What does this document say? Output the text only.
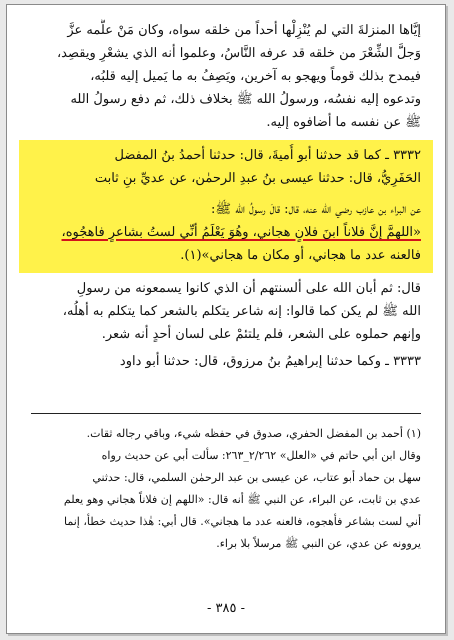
إيَّاها المنزلةَ التي لم يُنْزِلْها أحداً من خلقه سواه، وكان مَنْ علَّمه عزَّ
وَجلَّ الشِّعْرَ من خلقه قد عرفه النَّاسُ، وعلموا أنه الذي يشعْرِ ويقصِد،
فيمدح بذلك قوماً ويهجو به آخرين، ويَصِفُ به ما يَميل إليه قلبُه،
وتدعوه إليه نفسُه، ورسولُ الله ﷺ بخلاف ذلك، ثم دفع رسولُ الله
ﷺ عن نفسه ما أضافوه إليه.

٣٣٣٢ ـ كما قد حدثنا أبو أُميةَ، قال: حدثنا أحمدُ بنُ المفضل
الحَفَرِيُّ، قال: حدثنا عيسى بنُ عبدِ الرحمٰن، عن عديِّ بنِ ثابت

عن البراء بن عازب رضي الله عنه، قال: قالَ رسولُ الله ﷺ:
«اللهمَّ إنَّ فلاناً ابنَ فلانٍ هجاني، وهُوَ يَعْلَمُ أنِّي لستُ بشاعرٍ فاهجُوه،
فالعنه عدد ما هجاني، أو مكان ما هجاني»(١).

قال: ثم أبان الله على ألسنتهم أن الذي كانوا يسمعونه من رسولِ
الله ﷺ لم يكن كما قالوا: إنه شاعر يتكلم بالشعر كما يتكلم به أهلُه،
وإنهم حملوه على الشعر، فلم يلتئمْ على لسان أحدٍ أنه شعر.

٣٣٣٣ ـ وكما حدثنا إبراهيمُ بنُ مرزوق، قال: حدثنا أبو داود

(١) أحمد بن المفضل الحفري، صدوق في حفظه شيء، وباقي رجاله ثقات.
وقال ابن أبي حاتم في «العلل» ٢/٢٦٢_٢٦٣: سألت أبي عن حديث رواه
سهل بن حماد أبو عتاب، عن عيسى بن عبد الرحمٰن السلمي، قال: حدثني
عدي بن ثابت، عن البراء، عن النبي ﷺ أنه قال: «اللهم إن فلاناً هجاني وهو يعلم
أني لست بشاعر فأهجوه، فالعنه عدد ما هجاني». قال أبي: هٰذا حديث خطأ، إنما
يروونه عن عدي، عن النبي ﷺ مرسلاً بلا براء.
- ٣٨٥ -
